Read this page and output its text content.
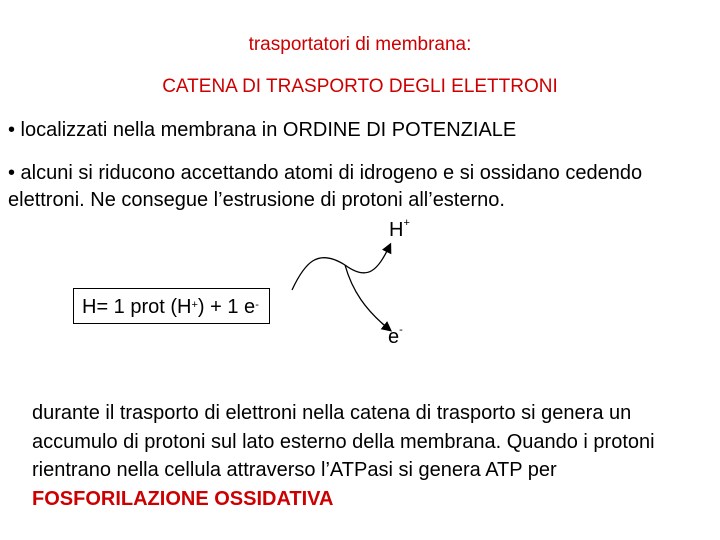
trasportatori di membrana:
CATENA DI TRASPORTO DEGLI ELETTRONI
• localizzati nella membrana in ORDINE DI POTENZIALE
• alcuni si riducono accettando atomi di idrogeno e si ossidano cedendo elettroni. Ne consegue l’estrusione di protoni all’esterno.
H+
H= 1 prot (H+) + 1 e-
e-
durante il trasporto di elettroni nella catena di trasporto si genera un accumulo di protoni sul lato esterno della membrana. Quando i protoni rientrano nella cellula attraverso l’ATPasi si genera ATP per FOSFORILAZIONE OSSIDATIVA
